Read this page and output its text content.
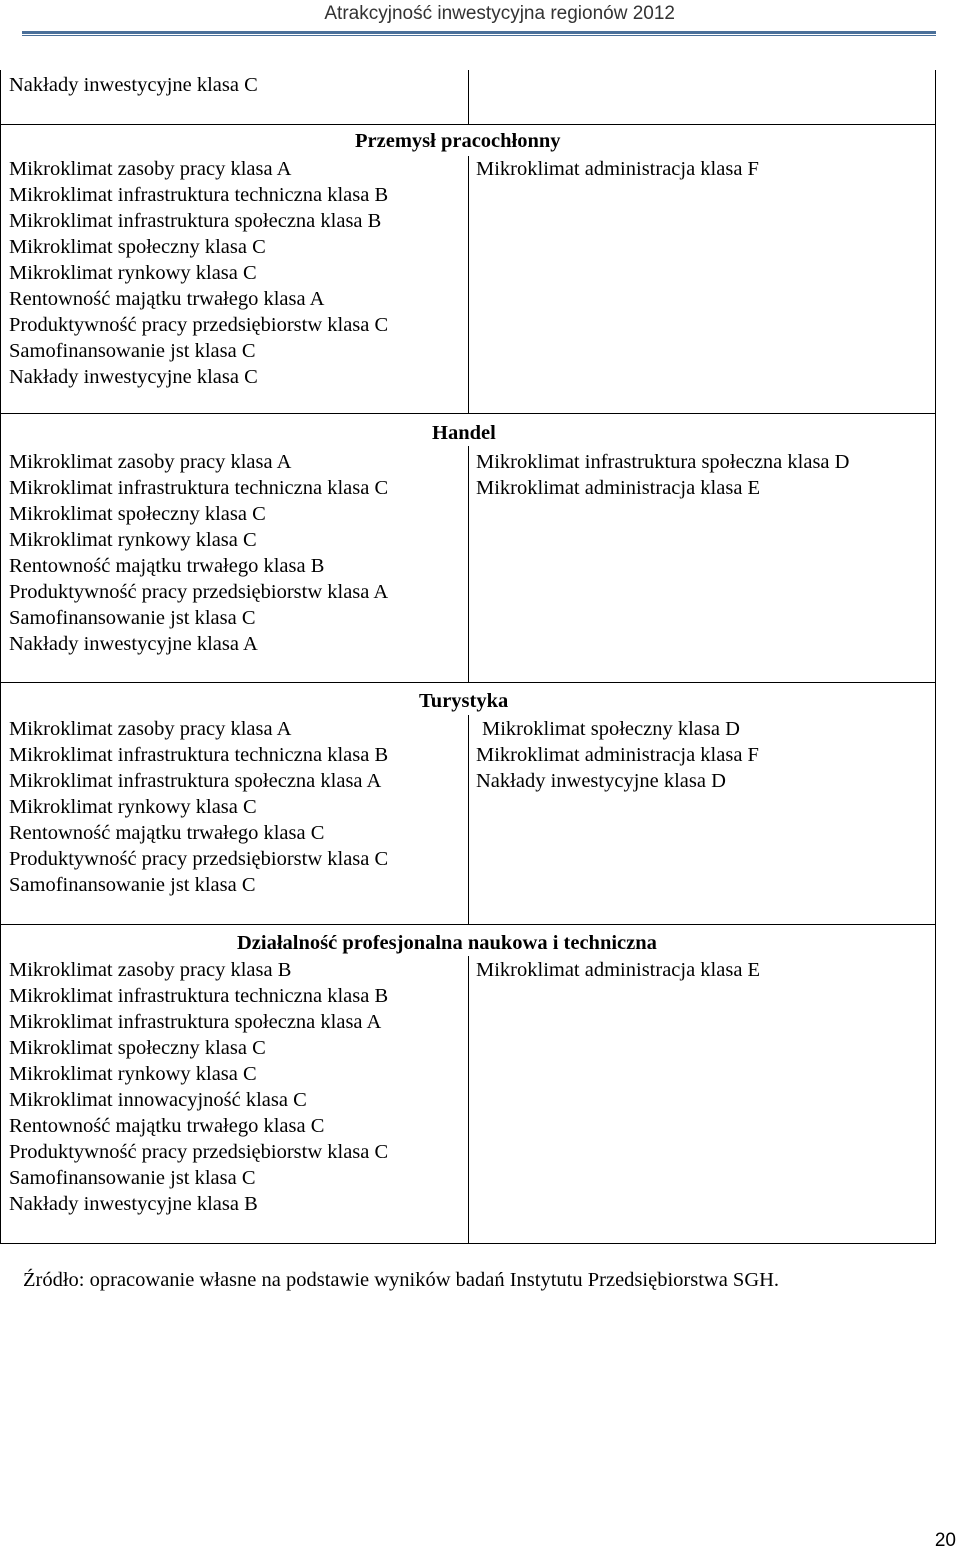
Atrakcyjność inwestycyjna regionów 2012
Nakłady inwestycyjne klasa C
Przemysł pracochłonny
Mikroklimat zasoby pracy klasa A
Mikroklimat infrastruktura techniczna klasa B
Mikroklimat infrastruktura społeczna klasa B
Mikroklimat społeczny klasa C
Mikroklimat rynkowy klasa C
Rentowność majątku trwałego klasa A
Produktywność pracy przedsiębiorstw klasa C
Samofinansowanie jst klasa C
Nakłady inwestycyjne klasa C
Mikroklimat administracja klasa F
Handel
Mikroklimat zasoby pracy klasa A
Mikroklimat infrastruktura techniczna klasa C
Mikroklimat społeczny klasa C
Mikroklimat rynkowy klasa C
Rentowność majątku trwałego klasa B
Produktywność pracy przedsiębiorstw klasa A
Samofinansowanie jst klasa C
Nakłady inwestycyjne klasa A
Mikroklimat infrastruktura społeczna klasa D
Mikroklimat administracja klasa E
Turystyka
Mikroklimat zasoby pracy klasa A
Mikroklimat infrastruktura techniczna klasa B
Mikroklimat infrastruktura społeczna klasa A
Mikroklimat rynkowy klasa C
Rentowność majątku trwałego klasa C
Produktywność pracy przedsiębiorstw klasa C
Samofinansowanie jst klasa C
Mikroklimat społeczny klasa D
Mikroklimat administracja klasa F
Nakłady inwestycyjne klasa D
Działalność profesjonalna naukowa i techniczna
Mikroklimat zasoby pracy klasa B
Mikroklimat infrastruktura techniczna klasa B
Mikroklimat infrastruktura społeczna klasa A
Mikroklimat społeczny klasa C
Mikroklimat rynkowy klasa C
Mikroklimat innowacyjność klasa C
Rentowność majątku trwałego klasa C
Produktywność pracy przedsiębiorstw klasa C
Samofinansowanie jst klasa C
Nakłady inwestycyjne klasa B
Mikroklimat administracja klasa E
Źródło: opracowanie własne na podstawie wyników badań Instytutu Przedsiębiorstwa SGH.
20
